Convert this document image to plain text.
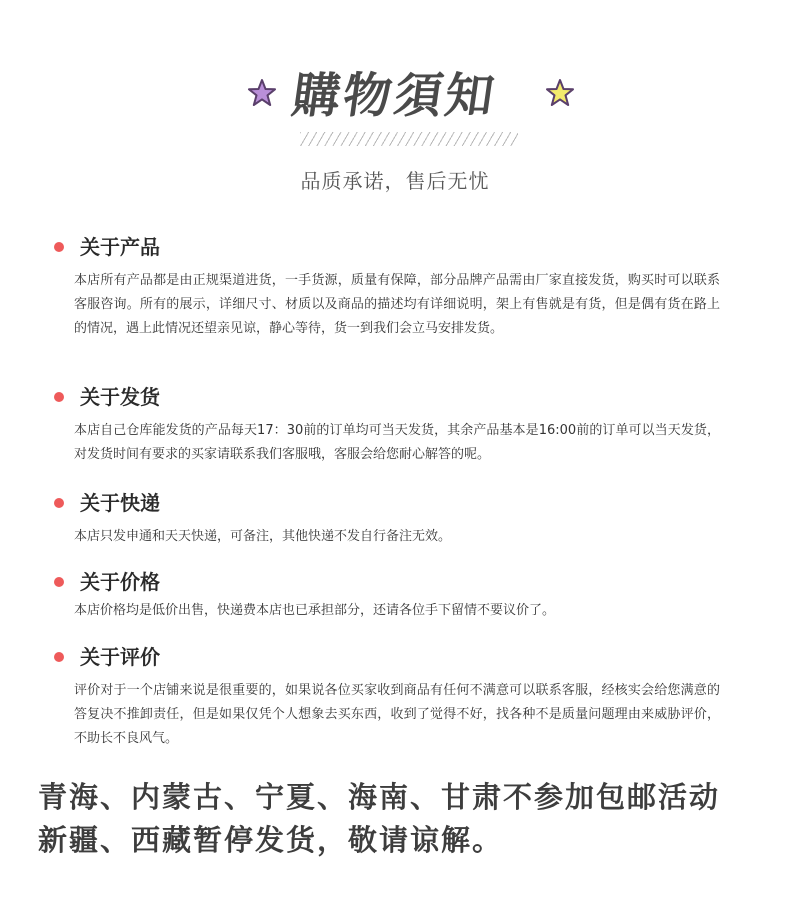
購物須知
品质承诺，售后无忧
关于产品
本店所有产品都是由正规渠道进货，一手货源，质量有保障，部分品牌产品需由厂家直接发货，购买时可以联系客服咨询。所有的展示，详细尺寸、材质以及商品的描述均有详细说明，架上有售就是有货，但是偶有货在路上的情况，遇上此情况还望亲见谅，静心等待，货一到我们会立马安排发货。
关于发货
本店自己仓库能发货的产品每天17：30前的订单均可当天发货，其余产品基本是16:00前的订单可以当天发货，对发货时间有要求的买家请联系我们客服哦，客服会给您耐心解答的呢。
关于快递
本店只发申通和天天快递，可备注，其他快递不发自行备注无效。
关于价格
本店价格均是低价出售，快递费本店也已承担部分，还请各位手下留情不要议价了。
关于评价
评价对于一个店铺来说是很重要的，如果说各位买家收到商品有任何不满意可以联系客服，经核实会给您满意的答复决不推卸责任，但是如果仅凭个人想象去买东西，收到了觉得不好，找各种不是质量问题理由来威胁评价，不助长不良风气。
青海、内蒙古、宁夏、海南、甘肃不参加包邮活动
新疆、西藏暂停发货，敬请谅解。
